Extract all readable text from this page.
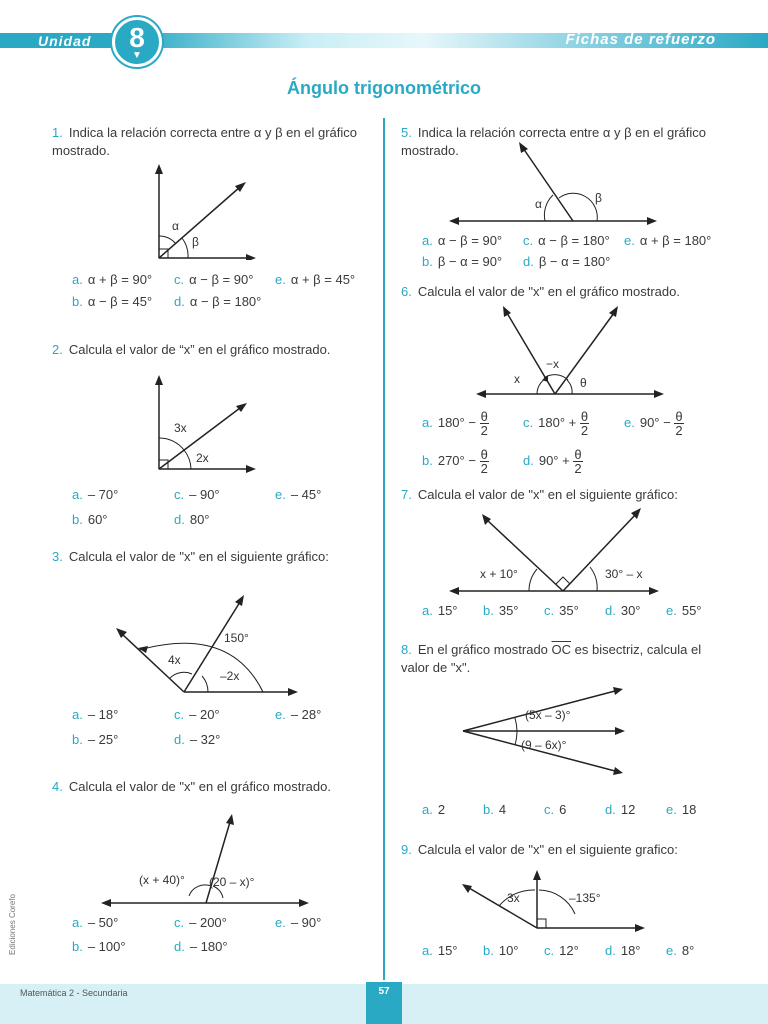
Unidad	8
▼
Fichas de refuerzo
Ángulo trigonométrico
1. Indica la relación correcta entre α y β en el gráfico mostrado.
α
β
a. α + β = 90° c. α − β = 90° e. α + β = 45°
b. α − β = 45° d. α − β = 180°
2. Calcula el valor de “x” en el gráfico mostrado.
3x
2x
a. – 70°	c. – 90°	e. – 45°
b. 60°	d. 80°
3. Calcula el valor de "x" en el siguiente gráfico:
150°
4x
–2x
a. – 18°	c. – 20°	e. – 28°
b. – 25°	d. – 32°
4. Calcula el valor de "x" en el gráfico mostrado.
(x + 40)° (20 – x)°
a. – 50°	c. – 200°	e. – 90°
b. – 100°	d. – 180°
5. Indica la relación correcta entre α y β en el gráfico mostrado.
α	β
a. α − β = 90° c. α − β = 180° e. α + β = 180°
b. β − α = 90° d. β − α = 180°
6. Calcula el valor de "x" en el gráfico mostrado.
−x
x	θ
a. $180^\circ - \frac{\theta}{2}$	c. $180^\circ + \frac{\theta}{2}$	e. $90^\circ - \frac{\theta}{2}$
b. $270^\circ - \frac{\theta}{2}$	d. $90^\circ + \frac{\theta}{2}$
7. Calcula el valor de "x" en el siguiente gráfico:
x + 10°	30° – x
a. 15° b. 35° c. 35° d. 30° e. 55°
8. En el gráfico mostrado $\overline{OC}$ es bisectriz, calcula el valor de "x".
(5x – 3)°
(9 – 6x)°
a. 2	b. 4	c. 6	d. 12 e. 18
9. Calcula el valor de "x" en el siguiente grafico:
3x	–135°
a. 15° b. 10° c. 12° d. 18° e. 8°
Ediciones Corefo
Matemática 2 - Secundaria	57
